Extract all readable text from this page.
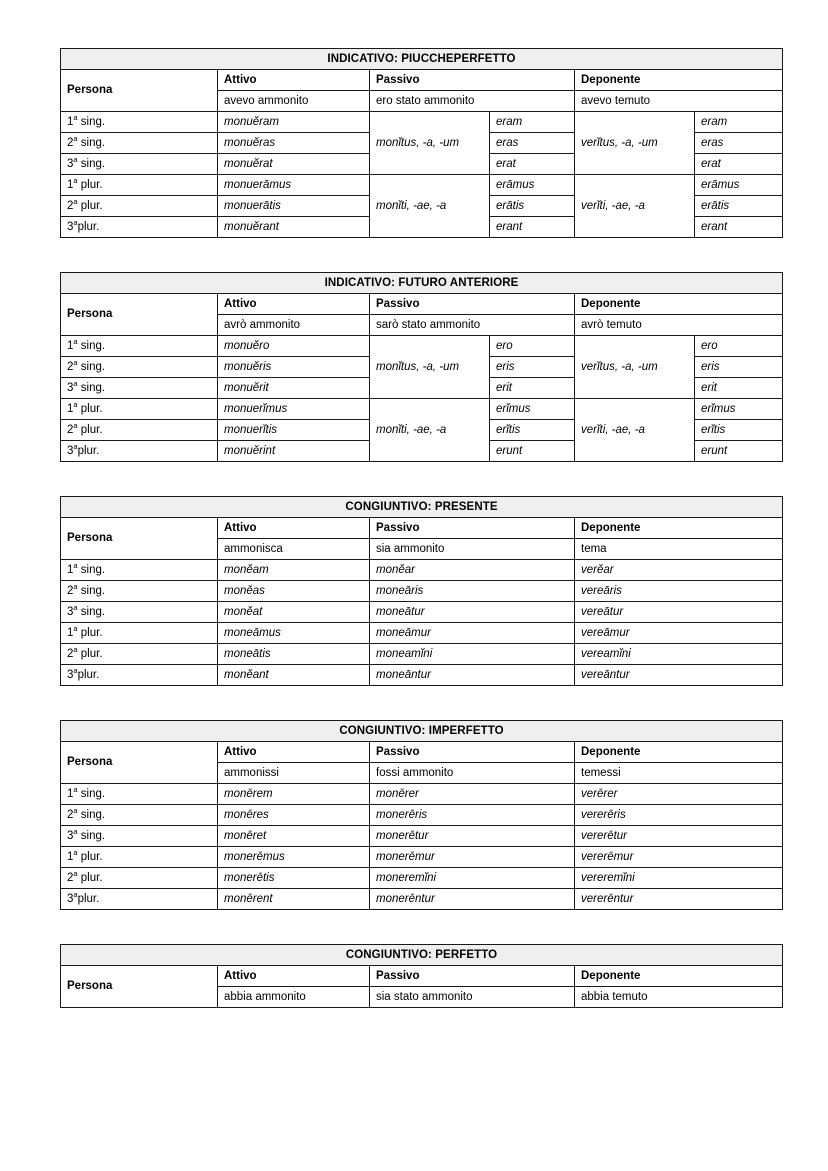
INDICATIVO: PIUCCHEPERFETTO					
Persona	Attivo	Passivo		Deponente	
	avevo ammonito	ero stato ammonito		avevo temuto	
1$^a$ sing.	monuĕram	monĭtus, -a, -um	eram	verĭtus, -a, -um	eram
2$^a$ sing.	monuĕras		eras		eras
3$^a$ sing.	monuĕrat		erat		erat
1$^a$ plur.	monuerāmus	monĭti, -ae, -a	erāmus	verĭti, -ae, -a	erāmus
2$^a$ plur.	monuerātis		erātis		erātis
3$^a$plur.	monuĕrant		erant		erant
INDICATIVO: FUTURO ANTERIORE					
Persona	Attivo	Passivo		Deponente	
	avrò ammonito	sarò stato ammonito		avrò temuto	
1$^a$ sing.	monuĕro	monĭtus, -a, -um	ero	verĭtus, -a, -um	ero
2$^a$ sing.	monuĕris		eris		eris
3$^a$ sing.	monuĕrit		erit		erit
1$^a$ plur.	monuerĭmus	monĭti, -ae, -a	erĭmus	verĭti, -ae, -a	erĭmus
2$^a$ plur.	monuerĭtis		erĭtis		erĭtis
3$^a$plur.	monuĕrint		erunt		erunt
CONGIUNTIVO: PRESENTE			
Persona	Attivo	Passivo	Deponente
	ammonisca	sia ammonito	tema
1$^a$ sing.	monĕam	monĕar	verĕar
2$^a$ sing.	monĕas	moneāris	vereāris
3$^a$ sing.	monĕat	moneātur	vereātur
1$^a$ plur.	moneāmus	moneāmur	vereāmur
2$^a$ plur.	moneātis	moneamĭni	vereamĭni
3$^a$plur.	monĕant	moneāntur	vereāntur
CONGIUNTIVO: IMPERFETTO			
Persona	Attivo	Passivo	Deponente
	ammonissi	fossi ammonito	temessi
1$^a$ sing.	monērem	monērer	verērer
2$^a$ sing.	monēres	monerēris	vererēris
3$^a$ sing.	monēret	monerētur	vererētur
1$^a$ plur.	monerēmus	monerēmur	vererēmur
2$^a$ plur.	monerētis	moneremĭni	vereremĭni
3$^a$plur.	monērent	monerēntur	vererēntur
CONGIUNTIVO: PERFETTO			
Persona	Attivo	Passivo	Deponente
	abbia ammonito	sia stato ammonito	abbia temuto
